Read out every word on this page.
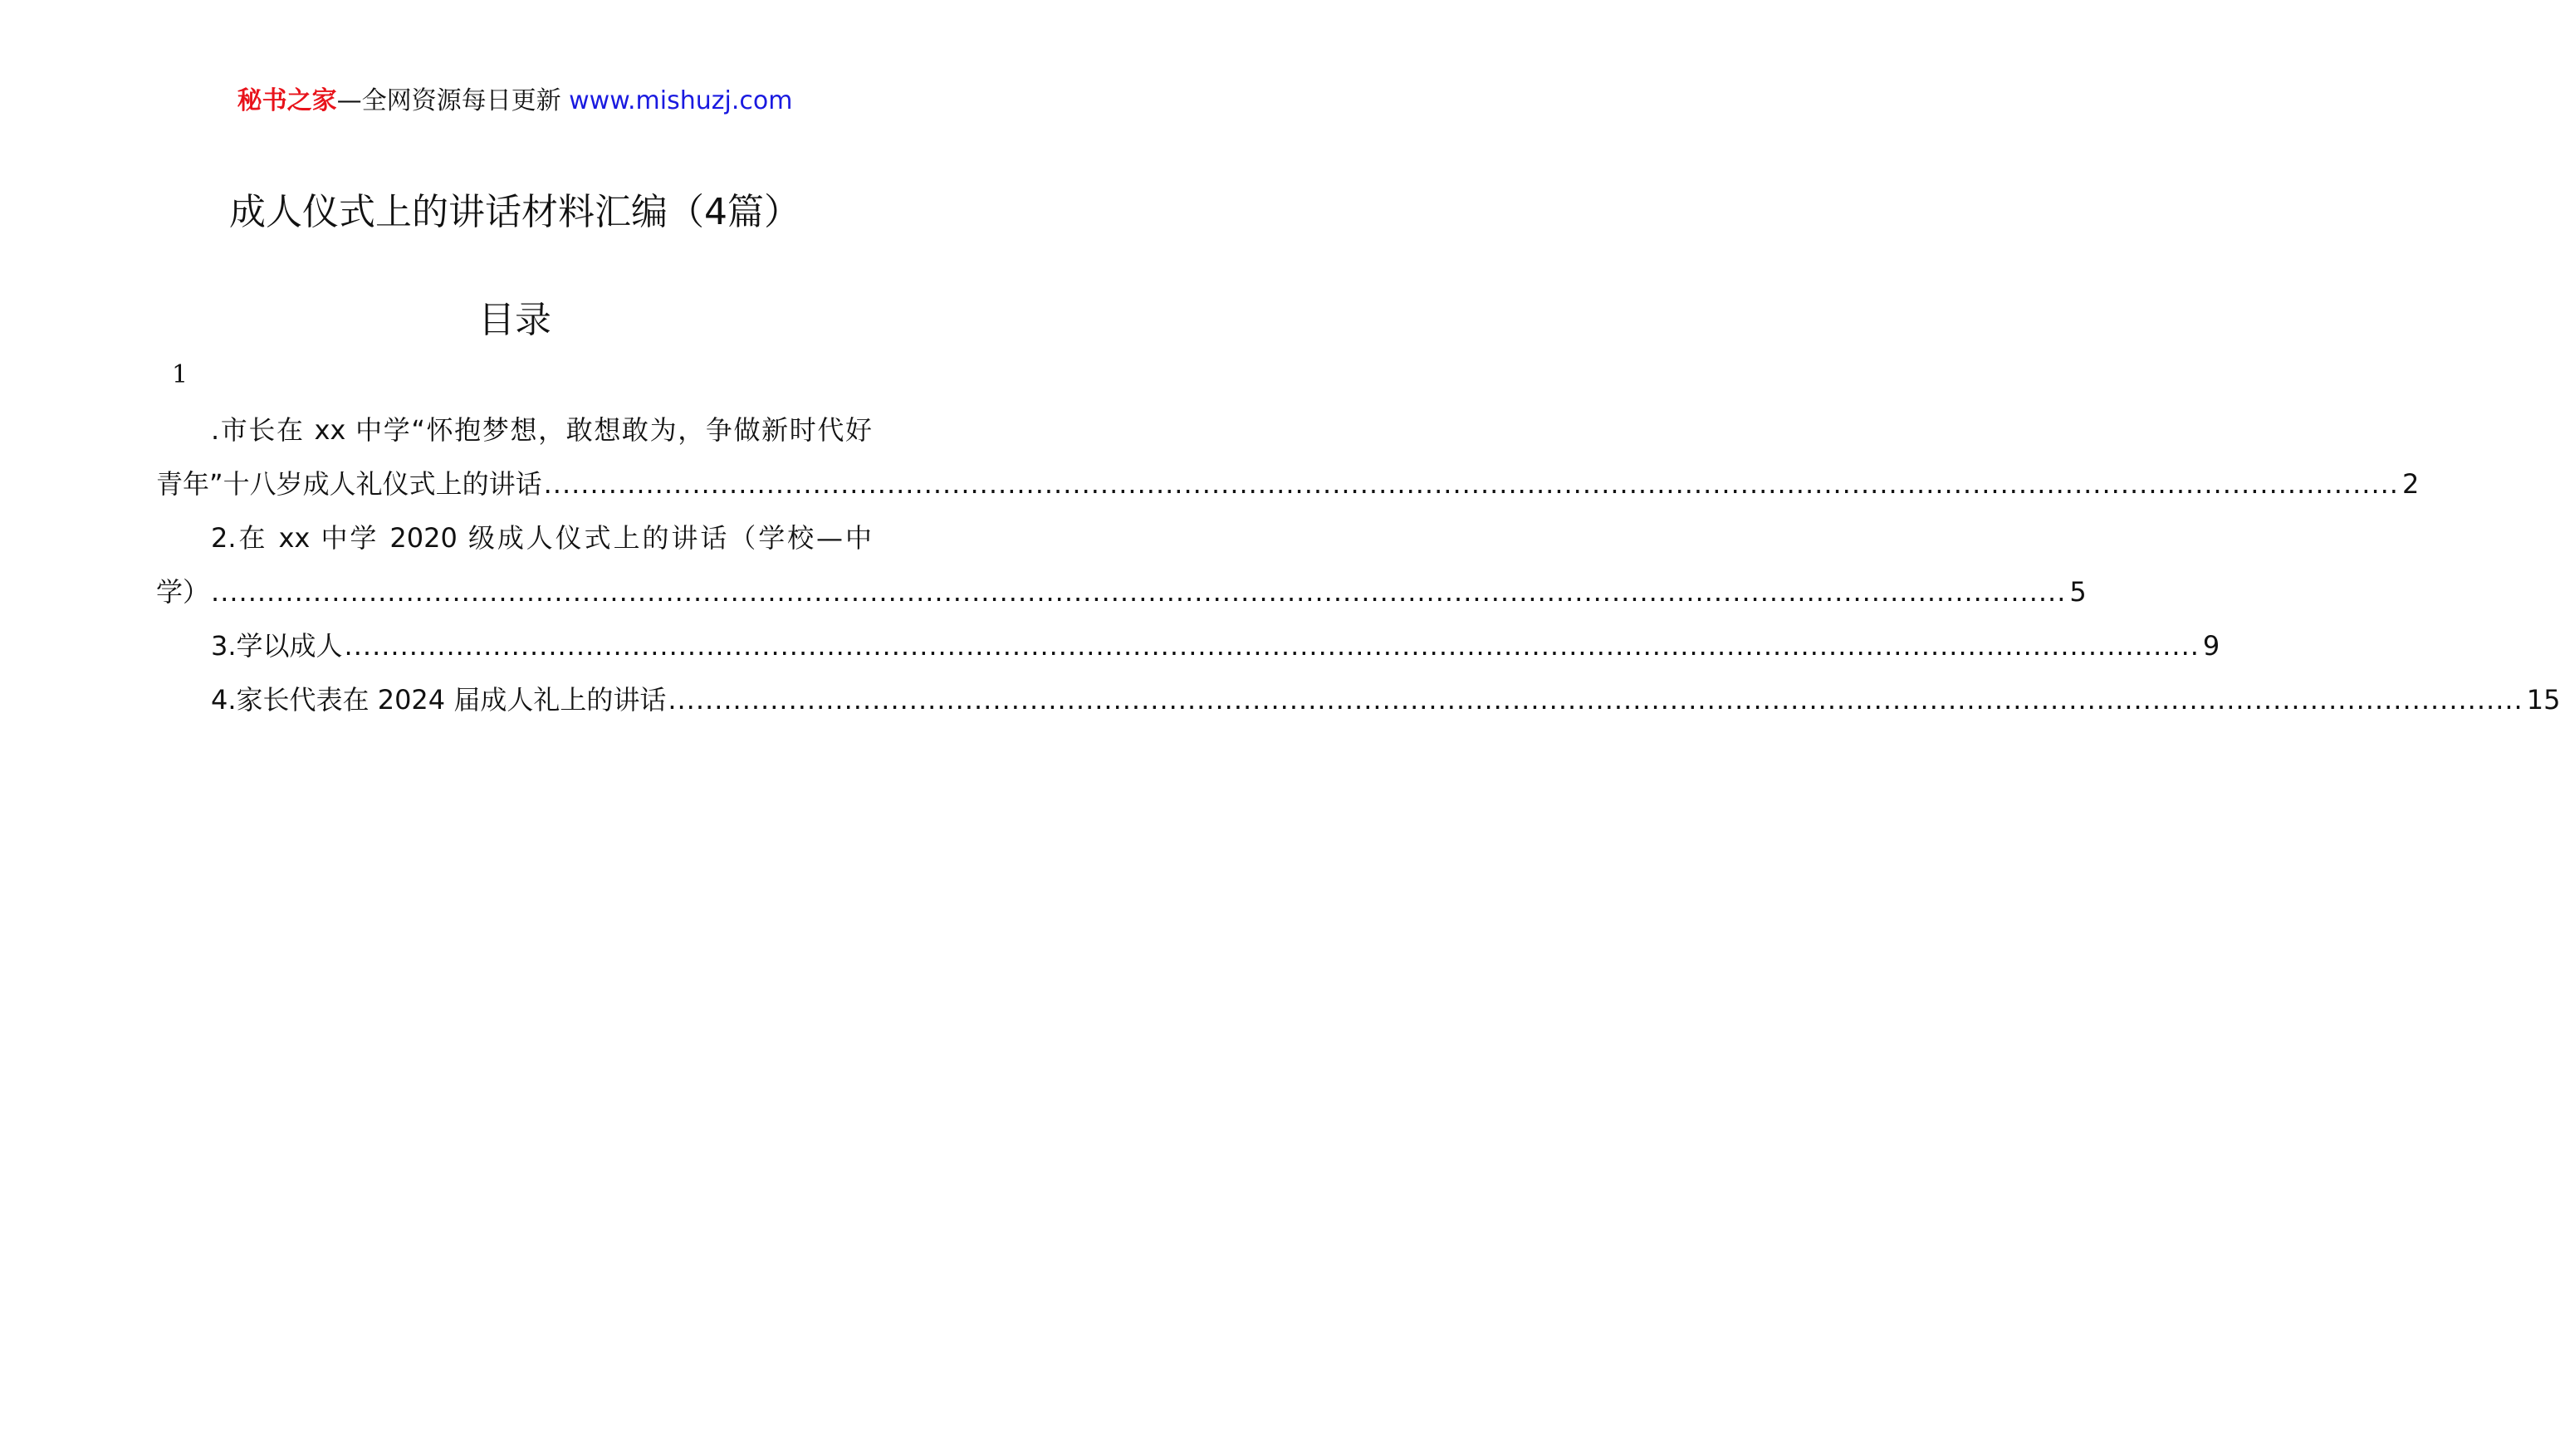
秘书之家—全网资源每日更新 www.mishuzj.com
成人仪式上的讲话材料汇编（4篇）
目录
1
.市长在 xx 中学“怀抱梦想，敢想敢为，争做新时代好
青年”十八岁成人礼仪式上的讲话 ........................................................................................................................................................................................................ 2
2.在 xx 中学 2020 级成人仪式上的讲话（学校—中
学） ........................................................................................................................................................................................................ 5
3.学以成人 ........................................................................................................................................................................................................ 9
4.家长代表在 2024 届成人礼上的讲话 ........................................................................................................................................................................................................ 15
